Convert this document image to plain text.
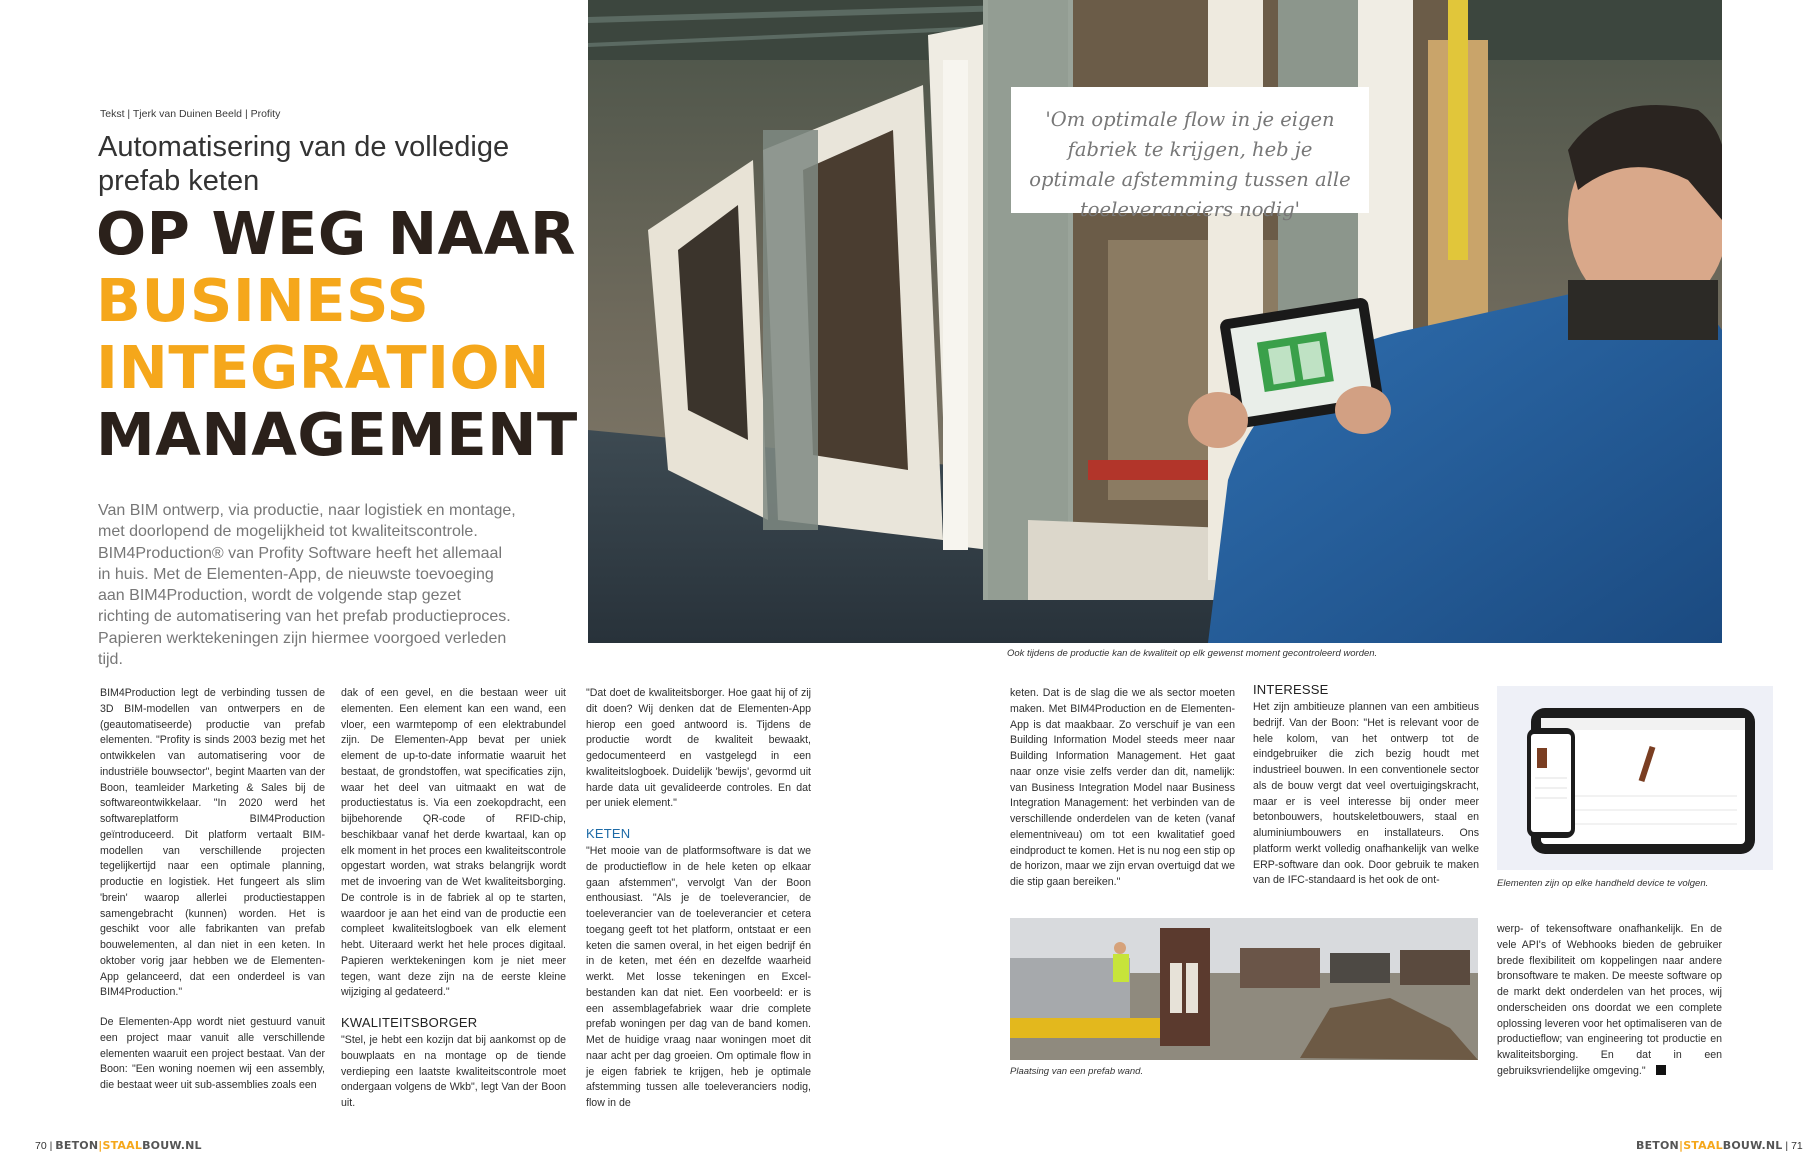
Tekst | Tjerk van Duinen Beeld | Profity
Automatisering van de volledige
prefab keten
OP WEG NAAR
BUSINESS
INTEGRATION
MANAGEMENT
Van BIM ontwerp, via productie, naar logistiek en montage, met doorlopend de mogelijkheid tot kwaliteitscontrole. BIM4Production® van Profity Software heeft het allemaal in huis. Met de Elementen-App, de nieuwste toevoeging aan BIM4Production, wordt de volgende stap gezet richting de automatisering van het prefab productieproces. Papieren werktekeningen zijn hiermee voorgoed verleden tijd.
'Om optimale flow in je eigen fabriek te krijgen, heb je optimale afstemming tussen alle toeleveranciers nodig'
Ook tijdens de productie kan de kwaliteit op elk gewenst moment gecontroleerd worden.

BIM4Production legt de verbinding tussen de 3D BIM-modellen van ontwerpers en de (geautomatiseerde) productie van prefab elementen. "Profity is sinds 2003 bezig met het ontwikkelen van automatisering voor de industriële bouwsector", begint Maarten van der Boon, teamleider Marketing & Sales bij de softwareontwikkelaar. "In 2020 werd het softwareplatform BIM4Production geïntroduceerd. Dit platform vertaalt BIM-modellen van verschillende projecten tegelijkertijd naar een optimale planning, productie en logistiek. Het fungeert als slim 'brein' waarop allerlei productiestappen samengebracht (kunnen) worden. Het is geschikt voor alle fabrikanten van prefab bouwelementen, al dan niet in een keten. In oktober vorig jaar hebben we de Elementen-App gelanceerd, dat een onderdeel is van BIM4Production."

De Elementen-App wordt niet gestuurd vanuit een project maar vanuit alle verschillende elementen waaruit een project bestaat. Van der Boon: "Een woning noemen wij een assembly, die bestaat weer uit sub-assemblies zoals een

dak of een gevel, en die bestaan weer uit elementen. Een element kan een wand, een vloer, een warmtepomp of een elektrabundel zijn. De Elementen-App bevat per uniek element de up-to-date informatie waaruit het bestaat, de grondstoffen, wat specificaties zijn, waar het deel van uitmaakt en wat de productiestatus is. Via een zoekopdracht, een bijbehorende QR-code of RFID-chip, beschikbaar vanaf het derde kwartaal, kan op elk moment in het proces een kwaliteitscontrole opgestart worden, wat straks belangrijk wordt met de invoering van de Wet kwaliteitsborging. De controle is in de fabriek al op te starten, waardoor je aan het eind van de productie een compleet kwaliteitslogboek van elk element hebt. Uiteraard werkt het hele proces digitaal. Papieren werktekeningen kom je niet meer tegen, want deze zijn na de eerste kleine wijziging al gedateerd."

KWALITEITSBORGER

"Stel, je hebt een kozijn dat bij aankomst op de bouwplaats en na montage op de tiende verdieping een laatste kwaliteitscontrole moet ondergaan volgens de Wkb", legt Van der Boon uit.

"Dat doet de kwaliteitsborger. Hoe gaat hij of zij dit doen? Wij denken dat de Elementen-App hierop een goed antwoord is. Tijdens de productie wordt de kwaliteit bewaakt, gedocumenteerd en vastgelegd in een kwaliteitslogboek. Duidelijk 'bewijs', gevormd uit harde data uit gevalideerde controles. En dat per uniek element."

KETEN

"Het mooie van de platformsoftware is dat we de productieflow in de hele keten op elkaar gaan afstemmen", vervolgt Van der Boon enthousiast. "Als je de toeleverancier, de toeleverancier van de toeleverancier et cetera toegang geeft tot het platform, ontstaat er een keten die samen overal, in het eigen bedrijf én in de keten, met één en dezelfde waarheid werkt. Met losse tekeningen en Excel-bestanden kan dat niet. Een voorbeeld: er is een assemblagefabriek waar drie complete prefab woningen per dag van de band komen. Met de huidige vraag naar woningen moet dit naar acht per dag groeien. Om optimale flow in je eigen fabriek te krijgen, heb je optimale afstemming tussen alle toeleveranciers nodig, flow in de

keten. Dat is de slag die we als sector moeten maken. Met BIM4Production en de Elementen-App is dat maakbaar. Zo verschuif je van een Building Information Model steeds meer naar Building Information Management. Het gaat naar onze visie zelfs verder dan dit, namelijk: van Business Integration Model naar Business Integration Management: het verbinden van de verschillende onderdelen van de keten (vanaf elementniveau) om tot een kwalitatief goed eindproduct te komen. Het is nu nog een stip op de horizon, maar we zijn ervan overtuigd dat we die stip gaan bereiken."

INTERESSE

Het zijn ambitieuze plannen van een ambitieus bedrijf. Van der Boon: "Het is relevant voor de hele kolom, van het ontwerp tot de eindgebruiker die zich bezig houdt met industrieel bouwen. In een conventionele sector als de bouw vergt dat veel overtuigingskracht, maar er is veel interesse bij onder meer betonbouwers, houtskeletbouwers, staal en aluminiumbouwers en installateurs. Ons platform werkt volledig onafhankelijk van welke ERP-software dan ook. Door gebruik te maken van de IFC-standaard is het ook de ont-	Elementen zijn op elke handheld device te volgen.
Plaatsing van een prefab wand.

werp- of tekensoftware onafhankelijk. En de vele API's of Webhooks bieden de gebruiker brede flexibiliteit om koppelingen naar andere bronsoftware te maken. De meeste software op de markt dekt onderdelen van het proces, wij onderscheiden ons doordat we een complete oplossing leveren voor het optimaliseren van de productieflow; van engineering tot productie en kwaliteitsborging. En dat in een gebruiksvriendelijke omgeving."

70 | BETON|STAALBOUW.NL	BETON|STAALBOUW.NL | 71
